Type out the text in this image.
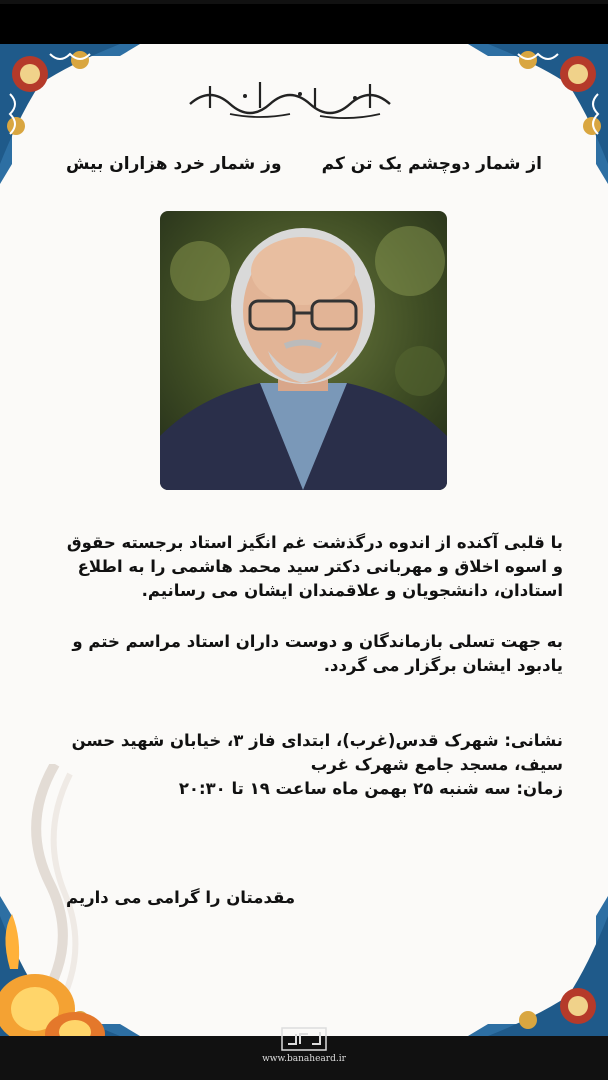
از شمار دوچشم یک تن کم
وز شمار خرد هزاران بیش
با قلبی آکنده از اندوه درگذشت غم انگیز استاد برجسته حقوق
و اسوه اخلاق و مهربانی دکتر سید محمد هاشمی را به اطلاع
استادان، دانشجویان و علاقمندان ایشان می رسانیم.
به جهت تسلی بازماندگان و دوست داران استاد مراسم ختم و
یادبود ایشان برگزار می گردد.
نشانی: شهرک قدس(غرب)، ابتدای فاز ۳، خیابان شهید حسن
سیف، مسجد جامع شهرک غرب
زمان: سه شنبه ۲۵ بهمن ماه ساعت ۱۹ تا ۲۰:۳۰
مقدمتان را گرامی می داریم
www.banaheard.ir
